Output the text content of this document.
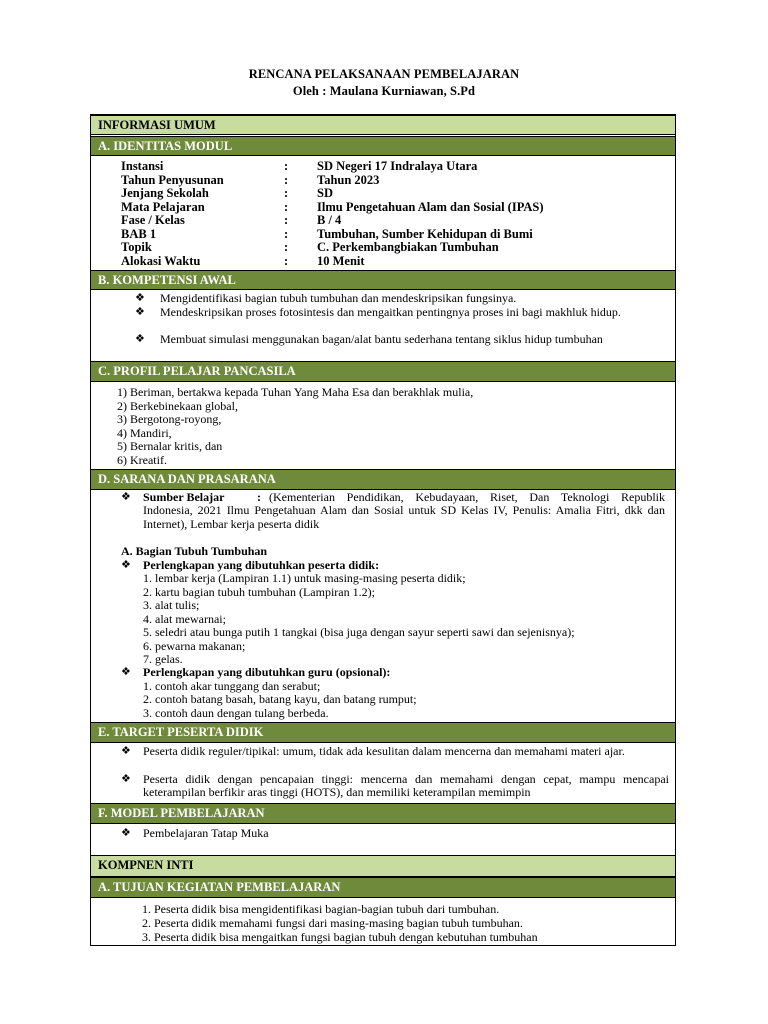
RENCANA PELAKSANAAN PEMBELAJARAN
Oleh : Maulana Kurniawan, S.Pd
INFORMASI UMUM
A. IDENTITAS MODUL
B. KOMPETENSI AWAL
C. PROFIL PELAJAR PANCASILA
D. SARANA DAN PRASARANA
E. TARGET PESERTA DIDIK
F. MODEL PEMBELAJARAN
KOMPNEN INTI
A. TUJUAN KEGIATAN PEMBELAJARAN
Instansi	: SD Negeri 17 Indralaya Utara
Tahun Penyusunan	: Tahun 2023
Jenjang Sekolah	: SD
Mata Pelajaran	: Ilmu Pengetahuan Alam dan Sosial (IPAS)
Fase / Kelas	: B / 4
BAB 1	: Tumbuhan, Sumber Kehidupan di Bumi
Topik	: C. Perkembangbiakan Tumbuhan
Alokasi Waktu	: 10 Menit
❖ Mengidentifikasi bagian tubuh tumbuhan dan mendeskripsikan fungsinya.
❖ Mendeskripsikan proses fotosintesis dan mengaitkan pentingnya proses ini bagi makhluk hidup.
❖ Membuat simulasi menggunakan bagan/alat bantu sederhana tentang siklus hidup tumbuhan
1) Beriman, bertakwa kepada Tuhan Yang Maha Esa dan berakhlak mulia,
2) Berkebinekaan global,
3) Bergotong-royong,
4) Mandiri,
5) Bernalar kritis, dan
6) Kreatif.
❖ Sumber Belajar	: (Kementerian Pendidikan, Kebudayaan, Riset, Dan Teknologi Republik Indonesia, 2021 Ilmu Pengetahuan Alam dan Sosial untuk SD Kelas IV, Penulis: Amalia Fitri, dkk dan Internet), Lembar kerja peserta didik
A. Bagian Tubuh Tumbuhan
❖ Perlengkapan yang dibutuhkan peserta didik:
1. lembar kerja (Lampiran 1.1) untuk masing-masing peserta didik;
2. kartu bagian tubuh tumbuhan (Lampiran 1.2);
3. alat tulis;
4. alat mewarnai;
5. seledri atau bunga putih 1 tangkai (bisa juga dengan sayur seperti sawi dan sejenisnya);
6. pewarna makanan;
7. gelas.
❖ Perlengkapan yang dibutuhkan guru (opsional):
1. contoh akar tunggang dan serabut;
2. contoh batang basah, batang kayu, dan batang rumput;
3. contoh daun dengan tulang berbeda.
❖ Peserta didik reguler/tipikal: umum, tidak ada kesulitan dalam mencerna dan memahami materi ajar.
❖ Peserta didik dengan pencapaian tinggi: mencerna dan memahami dengan cepat, mampu mencapai keterampilan berfikir aras tinggi (HOTS), dan memiliki keterampilan memimpin
❖ Pembelajaran Tatap Muka
1. Peserta didik bisa mengidentifikasi bagian-bagian tubuh dari tumbuhan.
2. Peserta didik memahami fungsi dari masing-masing bagian tubuh tumbuhan.
3. Peserta didik bisa mengaitkan fungsi bagian tubuh dengan kebutuhan tumbuhan
